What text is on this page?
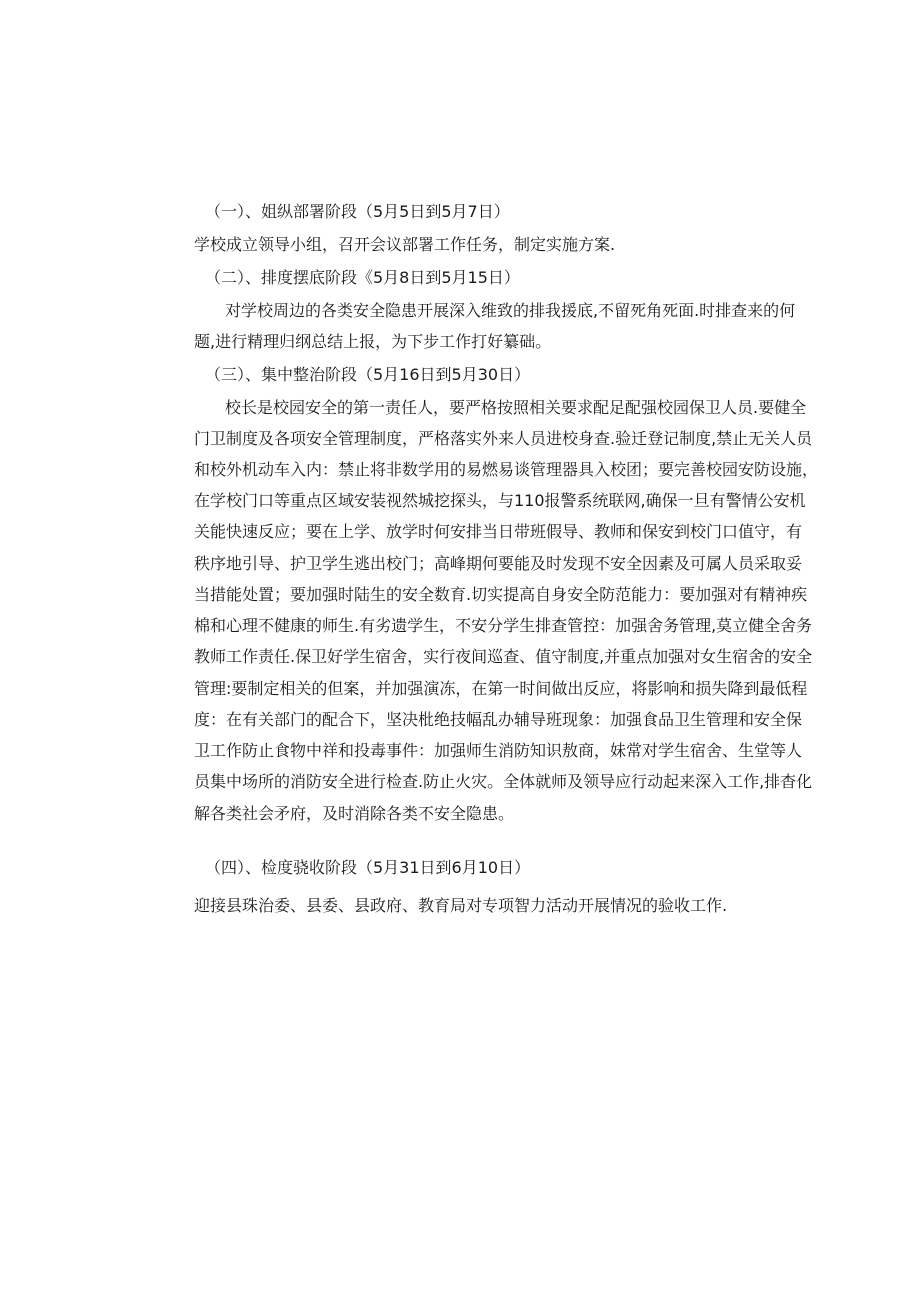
（一）、姐纵部署阶段（5月5日到5月7日）
学校成立领导小组，召开会议部署工作任务，制定实施方案.
（二）、排度摆底阶段《5月8日到5月15日）
对学校周边的各类安全隐患开展深入维致的排我援底,不留死角死面.时排查来的何
题,进行精理归纲总结上报，为下步工作打好纂础。
（三）、集中整治阶段（5月16日到5月30日）
校长是校园安全的第一责任人，要严格按照相关要求配足配强校园保卫人员.要健全
门卫制度及各项安全管理制度，严格落实外来人员进校身查.验迁登记制度,禁止无关人员
和校外机动车入内：禁止将非数学用的易燃易谈管理器具入校团；要完善校园安防设施，
在学校门口等重点区域安装视然城挖探头，与110报警系统联网,确保一旦有警情公安机
关能快速反应；要在上学、放学时何安排当日带班假导、教师和保安到校门口值守，有
秩序地引导、护卫学生逃出校门；高峰期何要能及时发现不安全因素及可属人员采取妥
当措能处置；要加强时陆生的安全数育.切实提高自身安全防范能力：要加强对有精神疾
棉和心理不健康的师生.有劣遗学生，不安分学生排查管控：加强舍务管理,莫立健全舍务
教师工作责任.保卫好学生宿舍，实行夜间巡查、值守制度,并重点加强对女生宿舍的安全
管理:要制定相关的但案，并加强演冻，在第一时间做出反应，将影响和损失降到最低程
度：在有关部门的配合下，坚决枇绝技幅乱办辅导班现象：加强食品卫生管理和安全保
卫工作防止食物中祥和投毒事件：加强师生消防知识敖商，妹常对学生宿舍、生堂等人
员集中场所的消防安全进行检查.防止火灾。全体就师及领导应行动起来深入工作,排杳化
解各类社会矛府，及时消除各类不安全隐患。
（四）、检度骁收阶段（5月31日到6月10日）
迎接县珠治委、县委、县政府、教育局对专项智力活动开展情况的验收工作.
